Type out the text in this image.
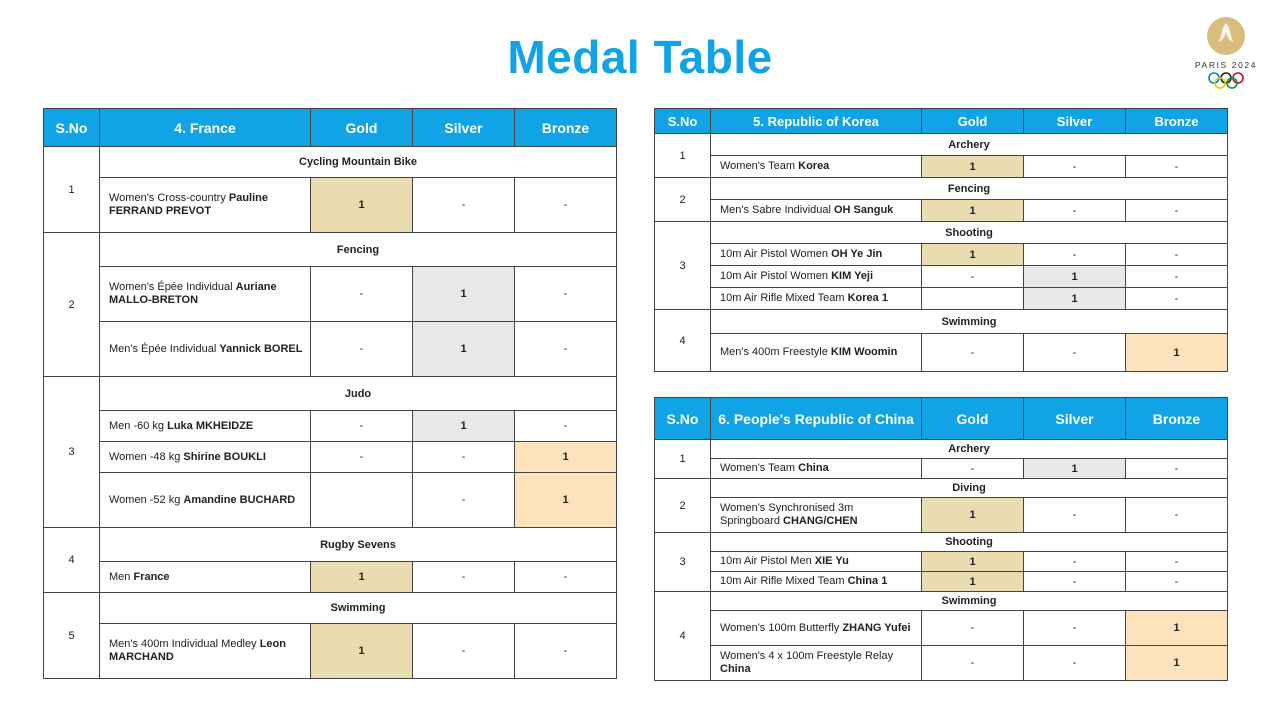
Medal Table	PARIS 2024
S.No	4. France	Gold	Silver	Bronze
1	Cycling Mountain Bike			
	Women's Cross-country Pauline FERRAND PREVOT	1	-	-
2	Fencing			
	Women's Épée Individual Auriane MALLO-BRETON	-	1	-
	Men's Épée Individual Yannick BOREL	-	1	-
3	Judo			
	Men -60 kg Luka MKHEIDZE	-	1	-
	Women -48 kg Shirine BOUKLI	-	-	1
	Women -52 kg Amandine BUCHARD		-	1
4	Rugby Sevens			
	Men France	1	-	-
5	Swimming			
	Men's 400m Individual Medley Leon MARCHAND	1	-	-
S.No	5. Republic of Korea	Gold	Silver	Bronze
1	Archery			
	Women's Team Korea	1	-	-
2	Fencing			
	Men's Sabre Individual OH Sanguk	1	-	-
3	Shooting			
	10m Air Pistol Women OH Ye Jin	1	-	-
	10m Air Pistol Women KIM Yeji	-	1	-
	10m Air Rifle Mixed Team Korea 1		1	-
4	Swimming			
	Men's 400m Freestyle KIM Woomin	-	-	1
S.No	6. People's Republic of China	Gold	Silver	Bronze
1	Archery			
	Women's Team China	-	1	-
2	Diving			
	Women's Synchronised 3m Springboard CHANG/CHEN	1	-	-
3	Shooting			
	10m Air Pistol Men XIE Yu	1	-	-
	10m Air Rifle Mixed Team China 1	1	-	-
4	Swimming			
	Women's 100m Butterfly ZHANG Yufei	-	-	1
	Women's 4 x 100m Freestyle Relay China	-	-	1
